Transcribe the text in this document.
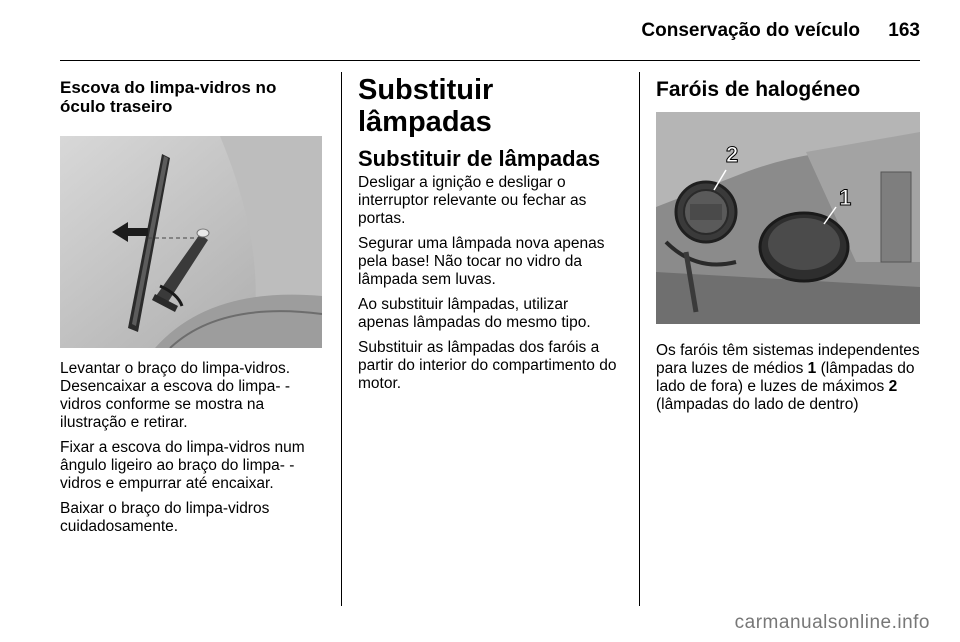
Conservação do veículo	163
Escova do limpa-vidros no óculo traseiro

Levantar o braço do limpa-vidros. Desencaixar a escova do limpa- -vidros conforme se mostra na ilustração e retirar.

Fixar a escova do limpa-vidros num ângulo ligeiro ao braço do limpa- -vidros e empurrar até encaixar.

Baixar o braço do limpa-vidros cuidadosamente.

Substituir lâmpadas
Substituir de lâmpadas

Desligar a ignição e desligar o interruptor relevante ou fechar as portas.

Segurar uma lâmpada nova apenas pela base! Não tocar no vidro da lâmpada sem luvas.

Ao substituir lâmpadas, utilizar apenas lâmpadas do mesmo tipo.

Substituir as lâmpadas dos faróis a partir do interior do compartimento do motor.

Faróis de halogéneo
2
1

Os faróis têm sistemas independentes para luzes de médios 1 (lâmpadas do lado de fora) e luzes de máximos 2 (lâmpadas do lado de dentro)

carmanualsonline.info
